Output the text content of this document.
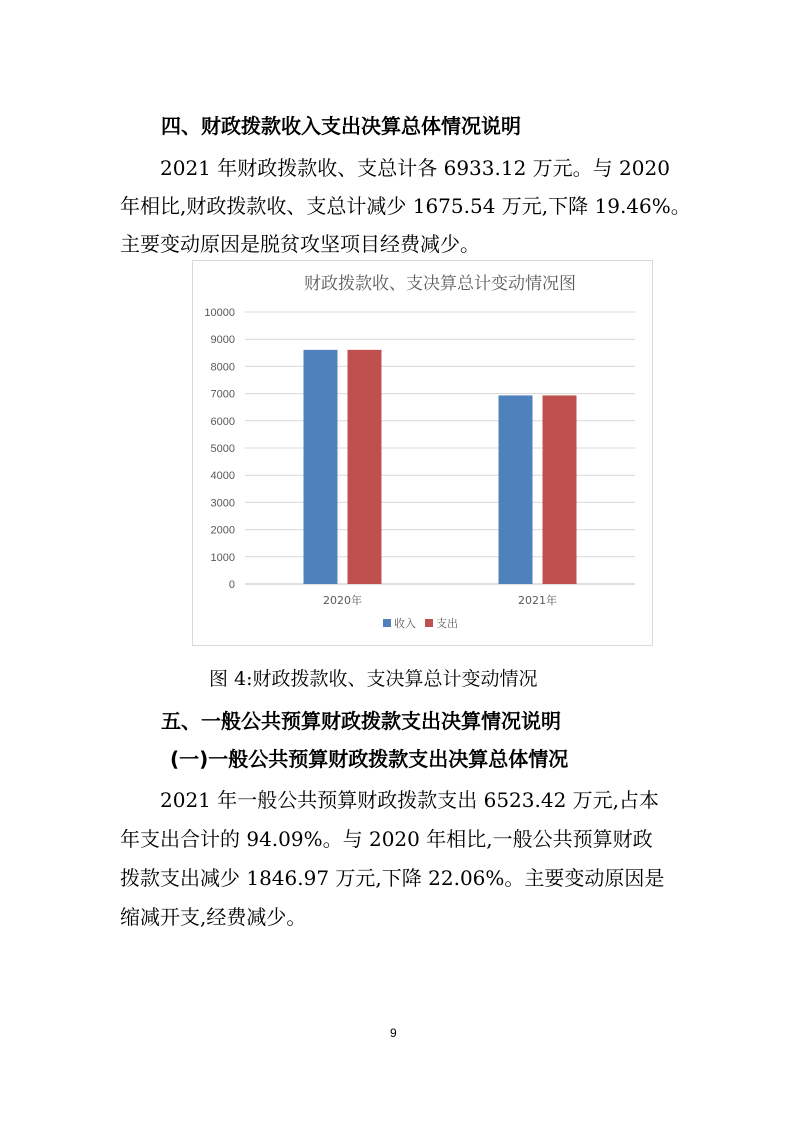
四、财政拨款收入支出决算总体情况说明
2021 年财政拨款收、支总计各 6933.12 万元。与 2020
年相比,财政拨款收、支总计减少 1675.54 万元,下降 19.46%。
主要变动原因是脱贫攻坚项目经费减少。
财政拨款收、支决算总计变动情况图
0
1000
2000
3000
4000
5000
6000
7000
8000
9000
10000
2020年	2021年
收入 支出
图 4:财政拨款收、支决算总计变动情况
五、一般公共预算财政拨款支出决算情况说明
(一)一般公共预算财政拨款支出决算总体情况
2021 年一般公共预算财政拨款支出 6523.42 万元,占本
年支出合计的 94.09%。与 2020 年相比,一般公共预算财政
拨款支出减少 1846.97 万元,下降 22.06%。主要变动原因是
缩减开支,经费减少。
9
